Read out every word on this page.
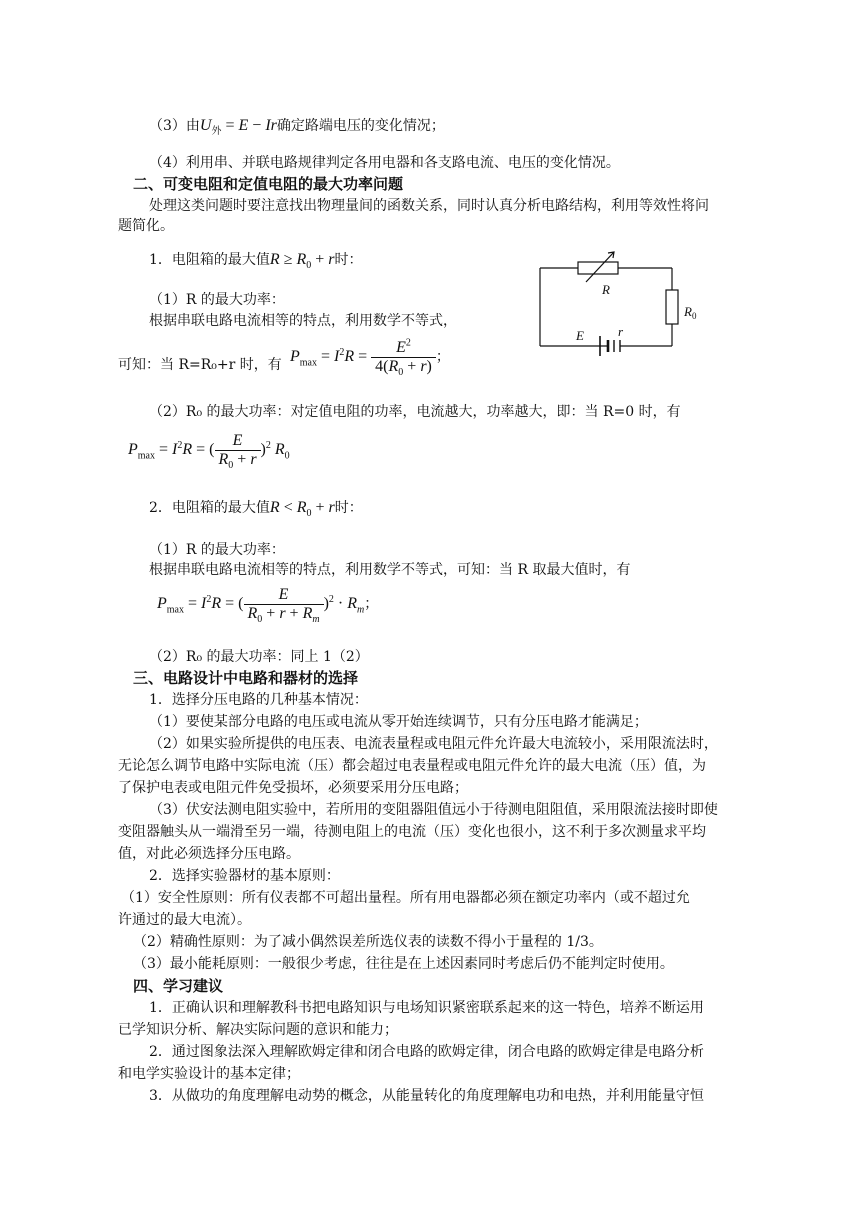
（3）由$U_外 = E - Ir$确定路端电压的变化情况；
（4）利用串、并联电路规律判定各用电器和各支路电流、电压的变化情况。
二、可变电阻和定值电阻的最大功率问题
处理这类问题时要注意找出物理量间的函数关系，同时认真分析电路结构，利用等效性将问
题简化。
1．电阻箱的最大值$R \ge R_0 + r$时：
（1）R 的最大功率：
根据串联电路电流相等的特点，利用数学不等式，
可知：当 R=R₀+r 时，有 $P_{max} = I^2R = \frac{E^2}{4(R_0 + r)}$ ；
（2）R₀ 的最大功率：对定值电阻的功率，电流越大，功率越大，即：当 R=0 时，有
$P_{max} = I^2R$ = ( $\frac{E}{R_0 + r} )^2$ $R_0$
2．电阻箱的最大值$R < R_0 + r$时：
（1）R 的最大功率：
根据串联电路电流相等的特点，利用数学不等式，可知：当 R 取最大值时，有
$P_{max} = I^2R$ = ( $\frac{E}{R_0 + r + R_m} )^2 \cdot R_m$；
（2）R₀ 的最大功率：同上 1（2）
三、电路设计中电路和器材的选择
1．选择分压电路的几种基本情况：
（1）要使某部分电路的电压或电流从零开始连续调节，只有分压电路才能满足；
（2）如果实验所提供的电压表、电流表量程或电阻元件允许最大电流较小，采用限流法时，
无论怎么调节电路中实际电流（压）都会超过电表量程或电阻元件允许的最大电流（压）值，为
了保护电表或电阻元件免受损坏，必须要采用分压电路；
（3）伏安法测电阻实验中，若所用的变阻器阻值远小于待测电阻阻值，采用限流法接时即使
变阻器触头从一端滑至另一端，待测电阻上的电流（压）变化也很小，这不利于多次测量求平均
值，对此必须选择分压电路。
2．选择实验器材的基本原则：
（1）安全性原则：所有仪表都不可超出量程。所有用电器都必须在额定功率内（或不超过允
许通过的最大电流）。
（2）精确性原则：为了减小偶然误差所选仪表的读数不得小于量程的 1/3。
（3）最小能耗原则：一般很少考虑，往往是在上述因素同时考虑后仍不能判定时使用。
四、学习建议
1．正确认识和理解教科书把电路知识与电场知识紧密联系起来的这一特色，培养不断运用
已学知识分析、解决实际问题的意识和能力；
2．通过图象法深入理解欧姆定律和闭合电路的欧姆定律，闭合电路的欧姆定律是电路分析
和电学实验设计的基本定律；
3．从做功的角度理解电动势的概念，从能量转化的角度理解电功和电热，并利用能量守恒
R
$R_0$
E	r
